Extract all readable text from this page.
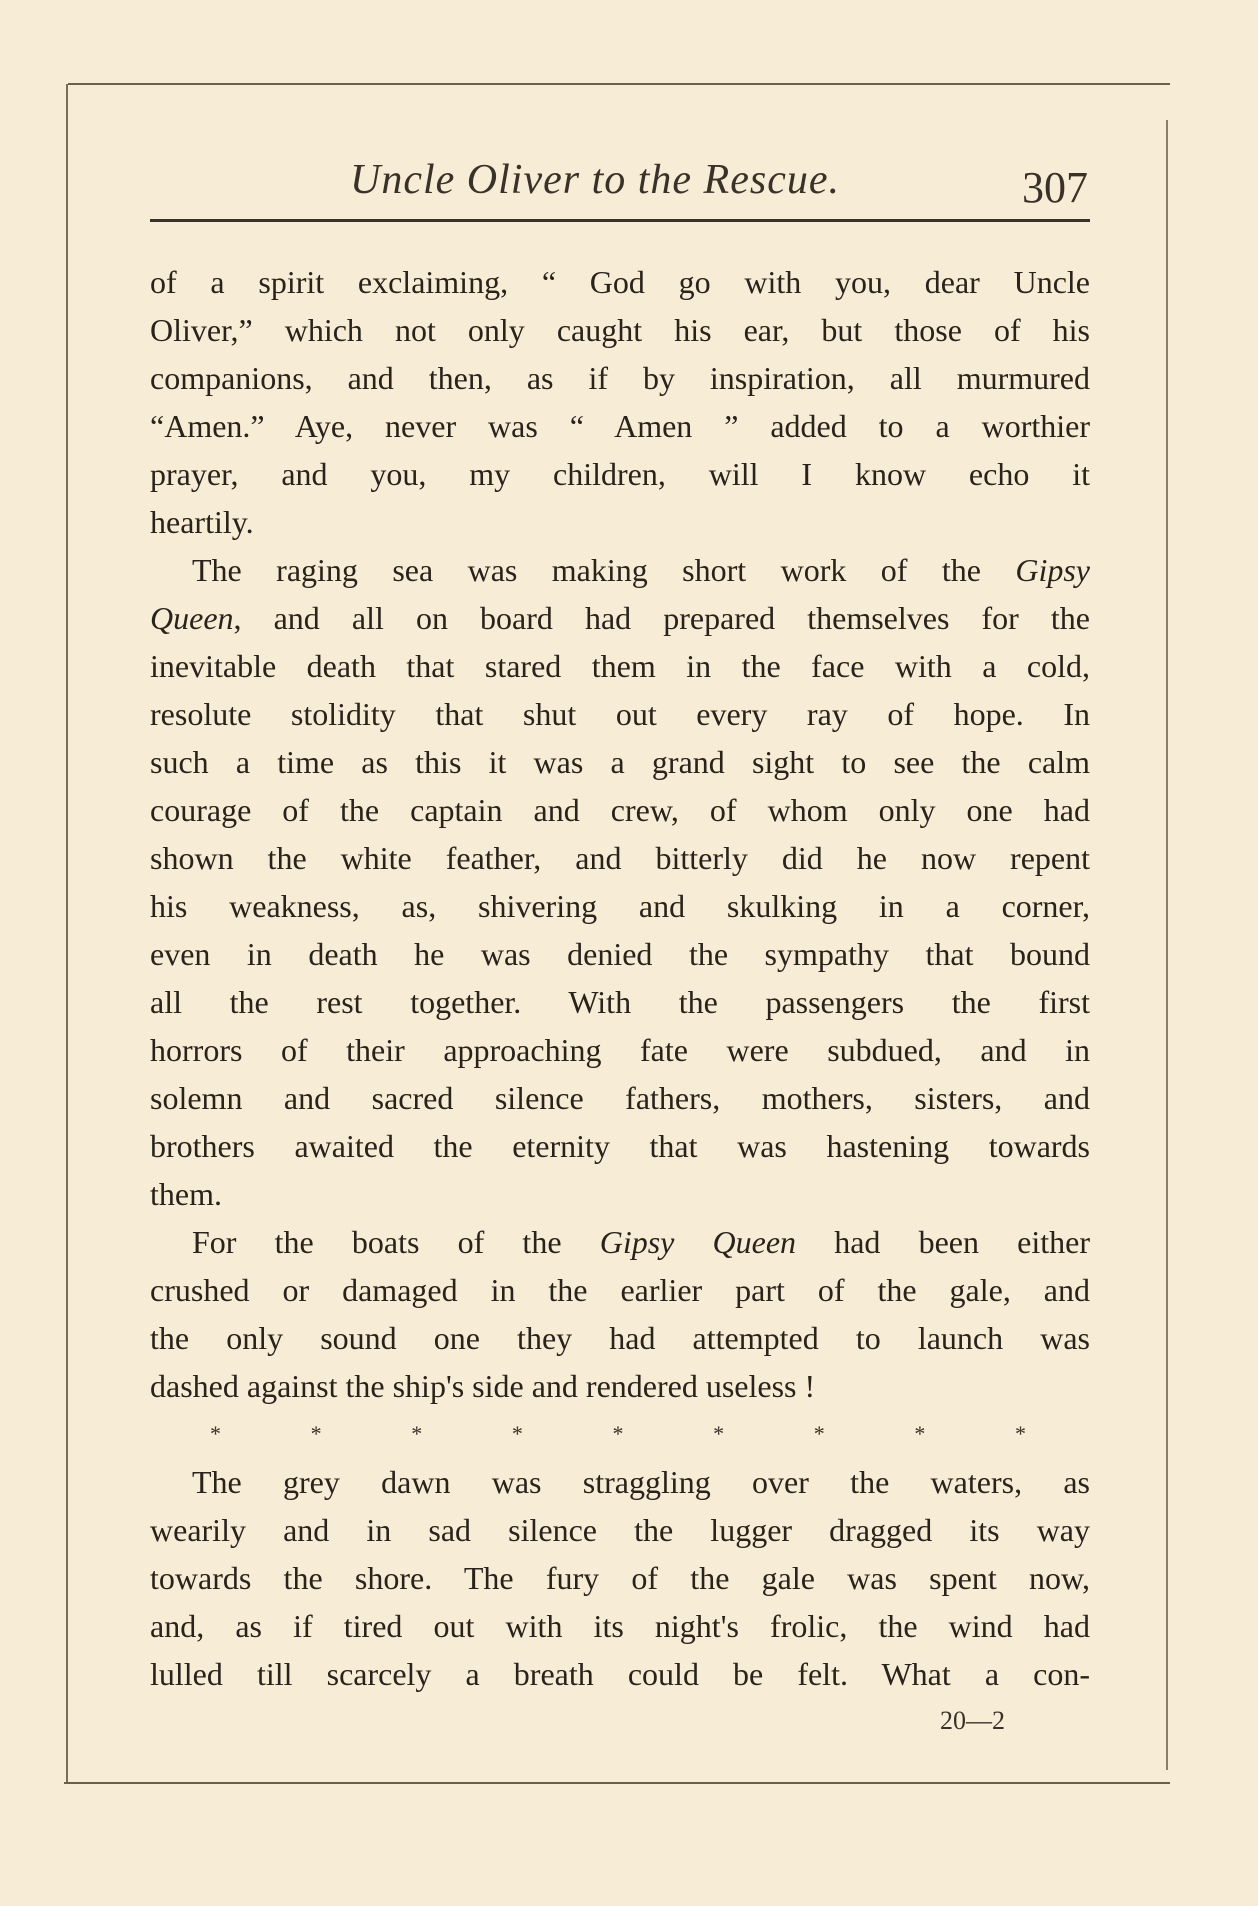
Uncle Oliver to the Rescue.	307
of a spirit exclaiming, “ God go with you, dear Uncle
Oliver,” which not only caught his ear, but those of his
companions, and then, as if by inspiration, all murmured
“Amen.” Aye, never was “ Amen ” added to a worthier
prayer, and you, my children, will I know echo it
heartily.
The raging sea was making short work of the Gipsy
Queen, and all on board had prepared themselves for the
inevitable death that stared them in the face with a cold,
resolute stolidity that shut out every ray of hope. In
such a time as this it was a grand sight to see the calm
courage of the captain and crew, of whom only one had
shown the white feather, and bitterly did he now repent
his weakness, as, shivering and skulking in a corner,
even in death he was denied the sympathy that bound
all the rest together. With the passengers the first
horrors of their approaching fate were subdued, and in
solemn and sacred silence fathers, mothers, sisters, and
brothers awaited the eternity that was hastening towards
them.
For the boats of the Gipsy Queen had been either
crushed or damaged in the earlier part of the gale, and
the only sound one they had attempted to launch was
dashed against the ship's side and rendered useless !
*	*	*	*	*	*	*	*	*
The grey dawn was straggling over the waters, as
wearily and in sad silence the lugger dragged its way
towards the shore. The fury of the gale was spent now,
and, as if tired out with its night's frolic, the wind had
lulled till scarcely a breath could be felt. What a con-
20—2
